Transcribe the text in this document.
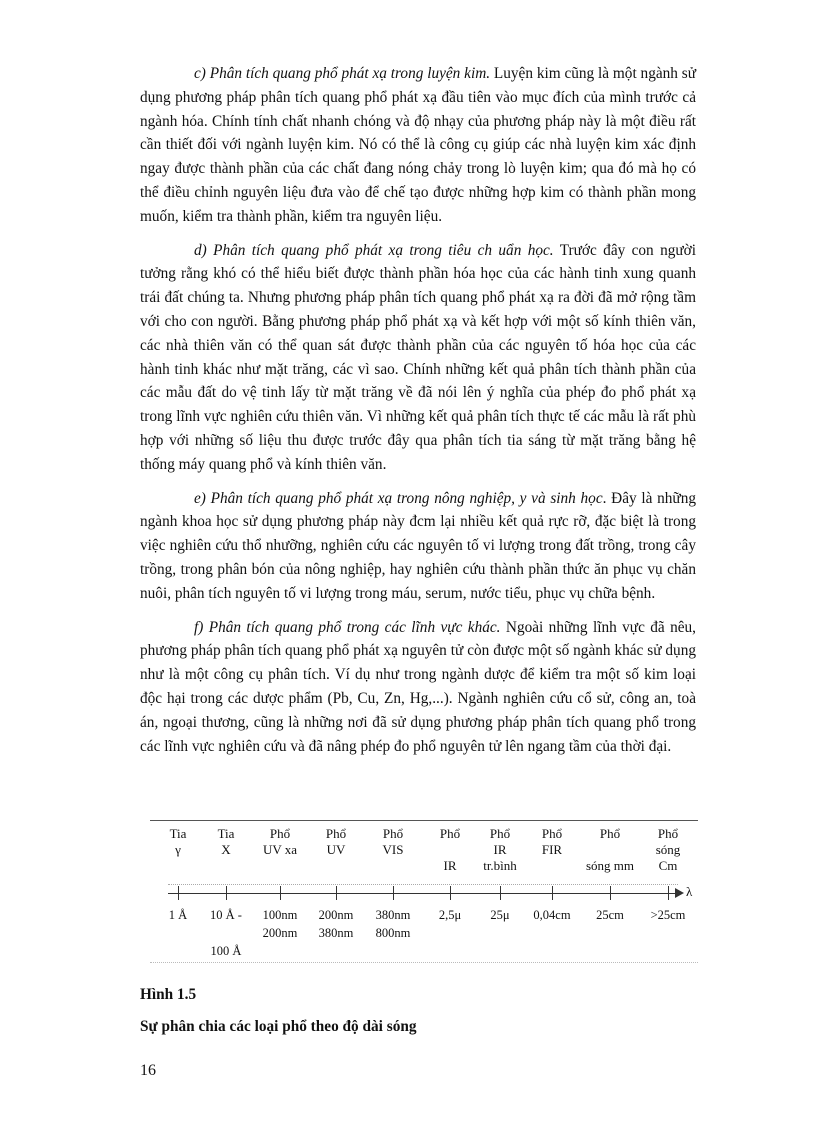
c) Phân tích quang phổ phát xạ trong luyện kim. Luyện kim cũng là một ngành sử dụng phương pháp phân tích quang phổ phát xạ đầu tiên vào mục đích của mình trước cả ngành hóa. Chính tính chất nhanh chóng và độ nhạy của phương pháp này là một điều rất cần thiết đối với ngành luyện kim. Nó có thể là công cụ giúp các nhà luyện kim xác định ngay được thành phần của các chất đang nóng chảy trong lò luyện kim; qua đó mà họ có thể điều chỉnh nguyên liệu đưa vào để chế tạo được những hợp kim có thành phần mong muốn, kiểm tra thành phần, kiểm tra nguyên liệu.

d) Phân tích quang phổ phát xạ trong tiêu ch uẩn học. Trước đây con người tưởng rằng khó có thể hiểu biết được thành phần hóa học của các hành tinh xung quanh trái đất chúng ta. Nhưng phương pháp phân tích quang phổ phát xạ ra đời đã mở rộng tầm với cho con người. Bằng phương pháp phổ phát xạ và kết hợp với một số kính thiên văn, các nhà thiên văn có thể quan sát được thành phần của các nguyên tố hóa học của các hành tinh khác như mặt trăng, các vì sao. Chính những kết quả phân tích thành phần của các mẫu đất do vệ tinh lấy từ mặt trăng về đã nói lên ý nghĩa của phép đo phổ phát xạ trong lĩnh vực nghiên cứu thiên văn. Vì những kết quả phân tích thực tế các mẫu là rất phù hợp với những số liệu thu được trước đây qua phân tích tia sáng từ mặt trăng bằng hệ thống máy quang phổ và kính thiên văn.

e) Phân tích quang phổ phát xạ trong nông nghiệp, y và sinh học. Đây là những ngành khoa học sử dụng phương pháp này đcm lại nhiều kết quả rực rỡ, đặc biệt là trong việc nghiên cứu thổ nhưỡng, nghiên cứu các nguyên tố vi lượng trong đất trồng, trong cây trồng, trong phân bón của nông nghiệp, hay nghiên cứu thành phần thức ăn phục vụ chăn nuôi, phân tích nguyên tố vi lượng trong máu, serum, nước tiểu, phục vụ chữa bệnh.

f) Phân tích quang phổ trong các lĩnh vực khác. Ngoài những lĩnh vực đã nêu, phương pháp phân tích quang phổ phát xạ nguyên tử còn được một số ngành khác sử dụng như là một công cụ phân tích. Ví dụ như trong ngành dược để kiểm tra một số kim loại độc hại trong các dược phẩm (Pb, Cu, Zn, Hg,...). Ngành nghiên cứu cổ sử, công an, toà án, ngoại thương, cũng là những nơi đã sử dụng phương pháp phân tích quang phổ trong các lĩnh vực nghiên cứu và đã nâng phép đo phổ nguyên tử lên ngang tầm của thời đại.

λ
Tia
γ

1 Å

Tia
X

10 Å -

100 Å
Phổ
UV xa

100nm
200nm

Phổ
UV

200nm
380nm

Phổ
VIS

380nm
800nm

Phổ

IR
2,5μ

Phổ
IR
tr.bình
25μ

Phổ
FIR

0,04cm

Phổ

sóng mm
25cm

Phổ
sóng
Cm
>25cm

Hình 1.5
Sự phân chia các loại phổ theo độ dài sóng
16
